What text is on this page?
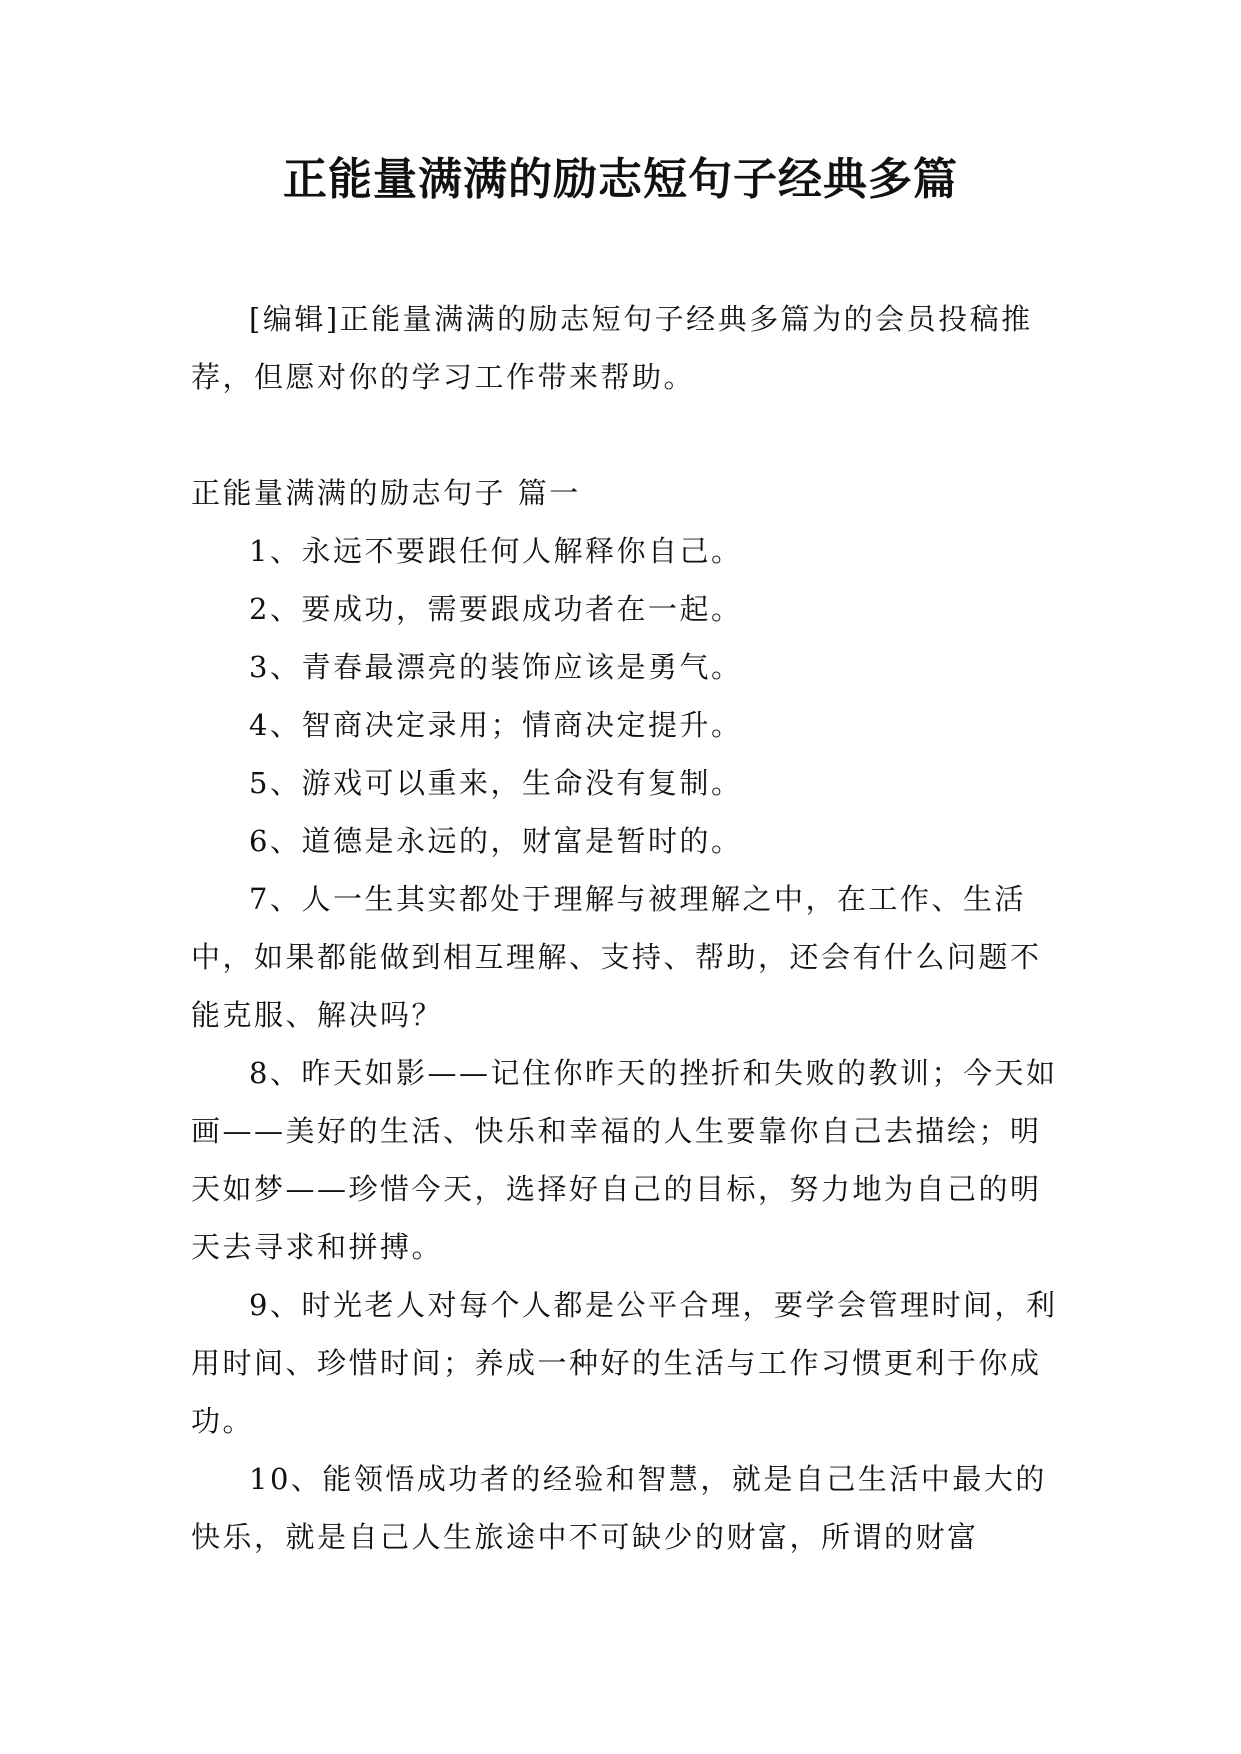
正能量满满的励志短句子经典多篇

[编辑]正能量满满的励志短句子经典多篇为的会员投稿推荐，但愿对你的学习工作带来帮助。

正能量满满的励志句子 篇一

1、永远不要跟任何人解释你自己。

2、要成功，需要跟成功者在一起。

3、青春最漂亮的装饰应该是勇气。

4、智商决定录用；情商决定提升。

5、游戏可以重来，生命没有复制。

6、道德是永远的，财富是暂时的。

7、人一生其实都处于理解与被理解之中，在工作、生活中，如果都能做到相互理解、支持、帮助，还会有什么问题不能克服、解决吗？

8、昨天如影——记住你昨天的挫折和失败的教训；今天如画——美好的生活、快乐和幸福的人生要靠你自己去描绘；明天如梦——珍惜今天，选择好自己的目标，努力地为自己的明天去寻求和拼搏。

9、时光老人对每个人都是公平合理，要学会管理时间，利用时间、珍惜时间；养成一种好的生活与工作习惯更利于你成功。

10、能领悟成功者的经验和智慧，就是自己生活中最大的快乐，就是自己人生旅途中不可缺少的财富，所谓的财富
